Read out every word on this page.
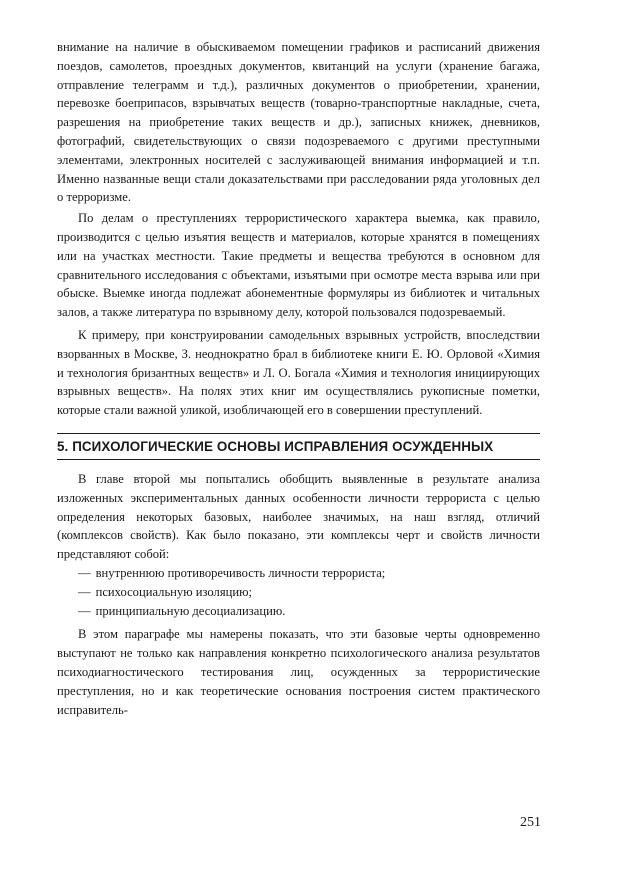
внимание на наличие в обыскиваемом помещении графиков и расписаний движения поездов, самолетов, проездных документов, квитанций на услуги (хранение багажа, отправление телеграмм и т.д.), различных документов о приобретении, хранении, перевозке боеприпасов, взрывчатых веществ (товарно-транспортные накладные, счета, разрешения на приобретение таких веществ и др.), записных книжек, дневников, фотографий, свидетельствующих о связи подозреваемого с другими преступными элементами, электронных носителей с заслуживающей внимания информацией и т.п. Именно названные вещи стали доказательствами при расследовании ряда уголовных дел о терроризме.

По делам о преступлениях террористического характера выемка, как правило, производится с целью изъятия веществ и материалов, которые хранятся в помещениях или на участках местности. Такие предметы и вещества требуются в основном для сравнительного исследования с объектами, изъятыми при осмотре места взрыва или при обыске. Выемке иногда подлежат абонементные формуляры из библиотек и читальных залов, а также литература по взрывному делу, которой пользовался подозреваемый.

К примеру, при конструировании самодельных взрывных устройств, впоследствии взорванных в Москве, З. неоднократно брал в библиотеке книги Е. Ю. Орловой «Химия и технология бризантных веществ» и Л. О. Богала «Химия и технология инициирующих взрывных веществ». На полях этих книг им осуществлялись рукописные пометки, которые стали важной уликой, изобличающей его в совершении преступлений.

5. ПСИХОЛОГИЧЕСКИЕ ОСНОВЫ ИСПРАВЛЕНИЯ ОСУЖДЕННЫХ

В главе второй мы попытались обобщить выявленные в результате анализа изложенных экспериментальных данных особенности личности террориста с целью определения некоторых базовых, наиболее значимых, на наш взгляд, отличий (комплексов свойств). Как было показано, эти комплексы черт и свойств личности представляют собой:

— внутреннюю противоречивость личности террориста;
— психосоциальную изоляцию;
— принципиальную десоциализацию.

В этом параграфе мы намерены показать, что эти базовые черты одновременно выступают не только как направления конкретно психологического анализа результатов психодиагностического тестирования лиц, осужденных за террористические преступления, но и как теоретические основания построения систем практического исправитель-

251
